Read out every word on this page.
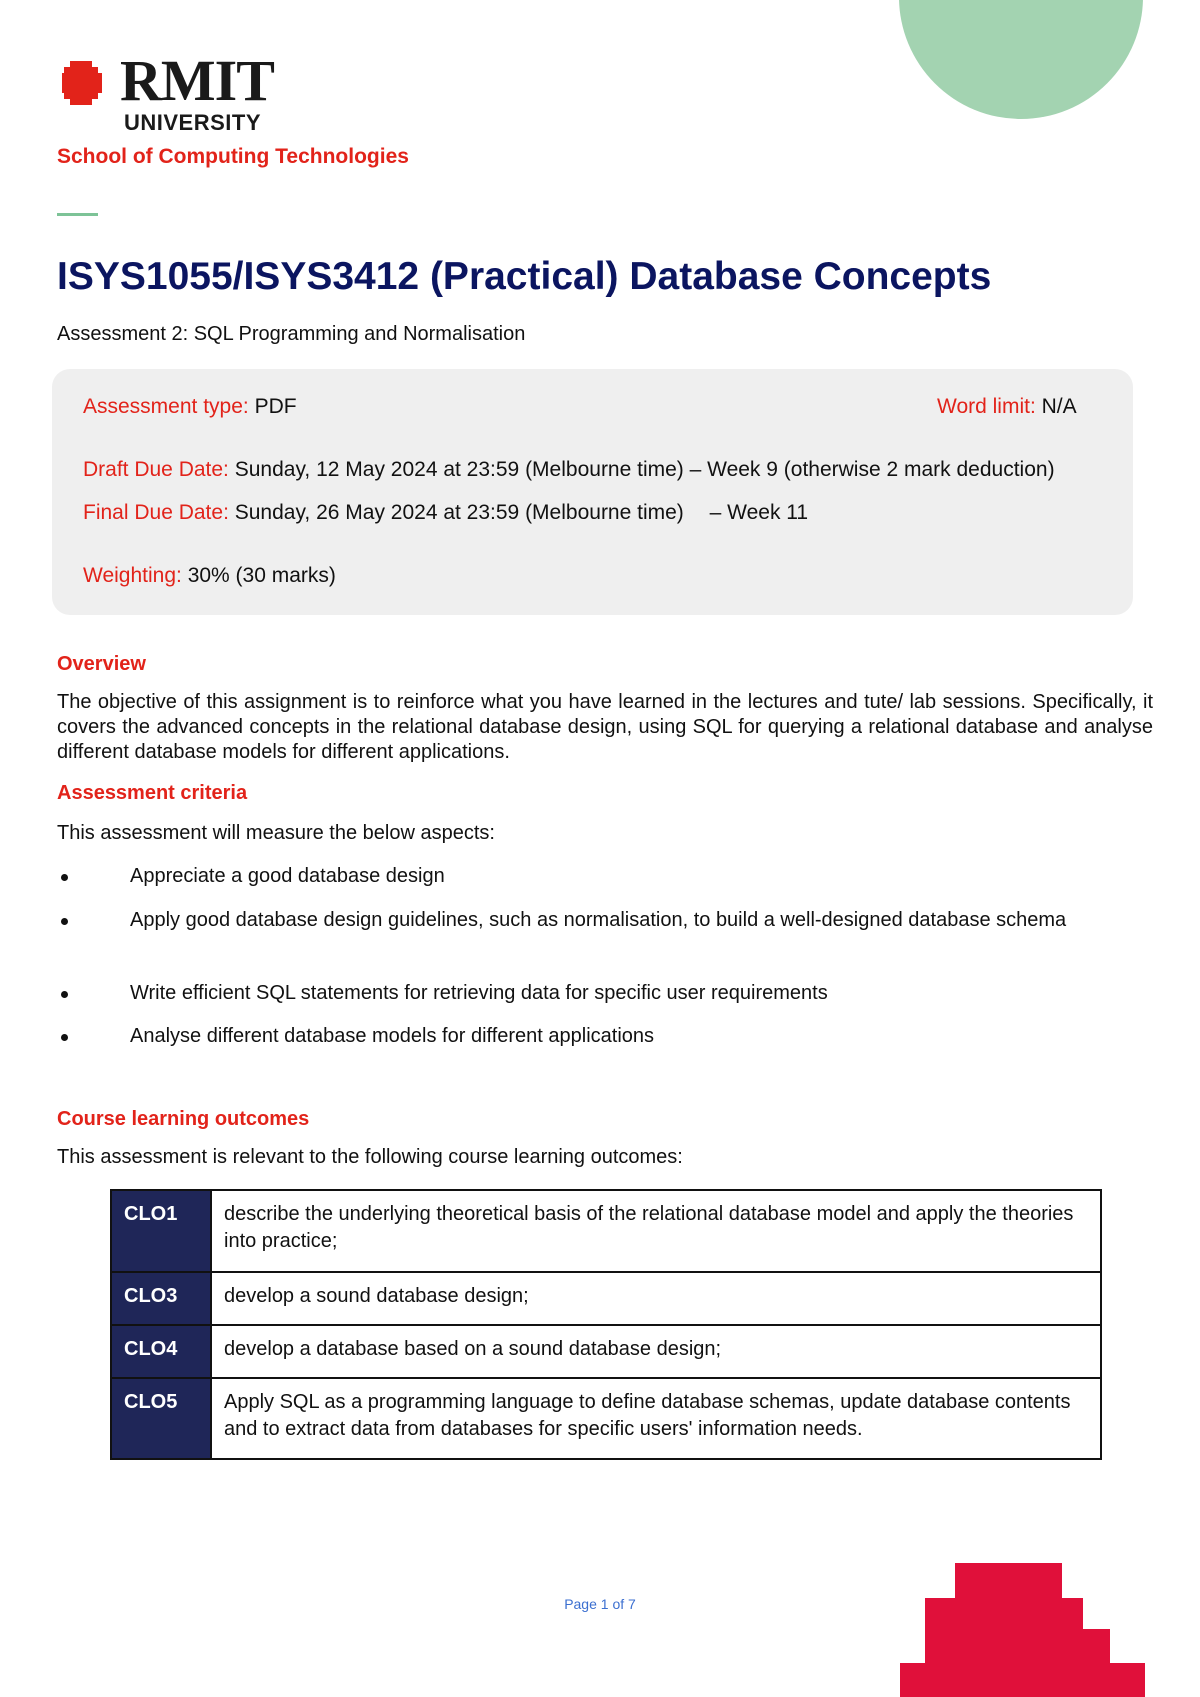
RMIT
UNIVERSITY
School of Computing Technologies
ISYS1055/ISYS3412 (Practical) Database Concepts
Assessment 2: SQL Programming and Normalisation
Assessment type: PDF	Word limit: N/A
Draft Due Date: Sunday, 12 May 2024 at 23:59 (Melbourne time) – Week 9 (otherwise 2 mark deduction)
Final Due Date: Sunday, 26 May 2024 at 23:59 (Melbourne time) – Week 11
Weighting: 30% (30 marks)
Overview
The objective of this assignment is to reinforce what you have learned in the lectures and tute/ lab sessions. Specifically, it covers the advanced concepts in the relational database design, using SQL for querying a relational database and analyse different database models for different applications.
Assessment criteria
This assessment will measure the below aspects:
Appreciate a good database design
Apply good database design guidelines, such as normalisation, to build a well-designed database schema
Write efficient SQL statements for retrieving data for specific user requirements
Analyse different database models for different applications
Course learning outcomes
This assessment is relevant to the following course learning outcomes:
CLO1	describe the underlying theoretical basis of the relational database model and apply the theories into practice;
CLO3	develop a sound database design;
CLO4	develop a database based on a sound database design;
CLO5	Apply SQL as a programming language to define database schemas, update database contents and to extract data from databases for specific users' information needs.
Page 1 of 7
